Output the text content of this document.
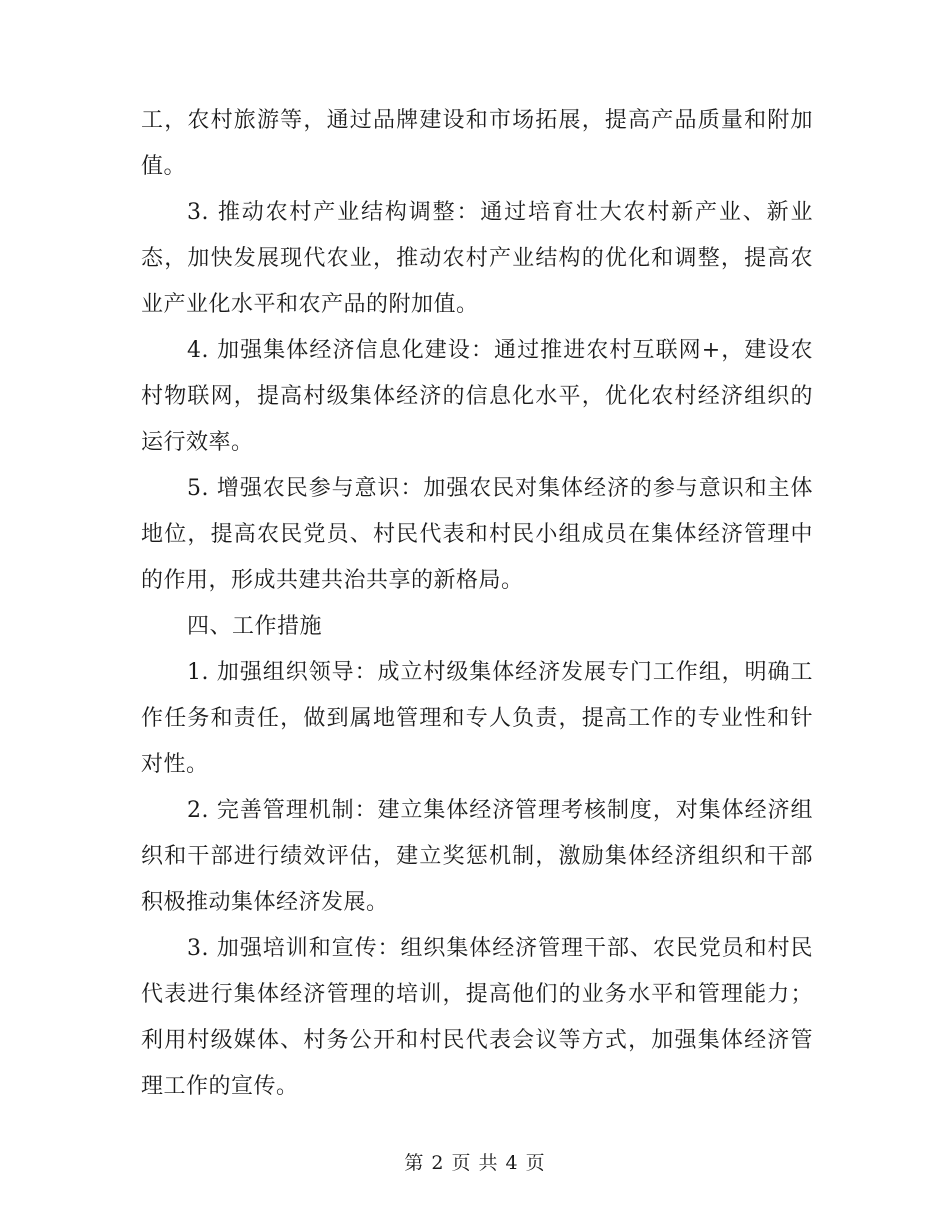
工，农村旅游等，通过品牌建设和市场拓展，提高产品质量和附加值。

3. 推动农村产业结构调整：通过培育壮大农村新产业、新业态，加快发展现代农业，推动农村产业结构的优化和调整，提高农业产业化水平和农产品的附加值。

4. 加强集体经济信息化建设：通过推进农村互联网+，建设农村物联网，提高村级集体经济的信息化水平，优化农村经济组织的运行效率。

5. 增强农民参与意识：加强农民对集体经济的参与意识和主体地位，提高农民党员、村民代表和村民小组成员在集体经济管理中的作用，形成共建共治共享的新格局。

四、工作措施

1. 加强组织领导：成立村级集体经济发展专门工作组，明确工作任务和责任，做到属地管理和专人负责，提高工作的专业性和针对性。

2. 完善管理机制：建立集体经济管理考核制度，对集体经济组织和干部进行绩效评估，建立奖惩机制，激励集体经济组织和干部积极推动集体经济发展。

3. 加强培训和宣传：组织集体经济管理干部、农民党员和村民代表进行集体经济管理的培训，提高他们的业务水平和管理能力；利用村级媒体、村务公开和村民代表会议等方式，加强集体经济管理工作的宣传。

第 2 页 共 4 页
